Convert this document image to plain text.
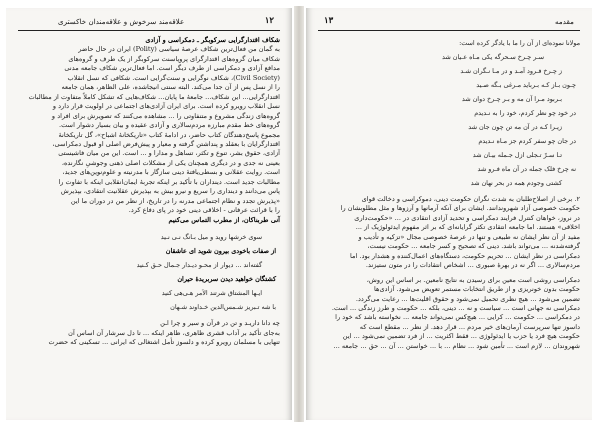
علاقه‌مند سرخوش و علاقه‌مندان خاکستری	۱۲

شکاف اقتدارگرایی سرکوبگر ـ دمکراسی و آزادی

به گمان من فعال‌ترین شکاف عرصهٔ سیاسی (Polity) ایران در حال حاضر

شکاف میان گروه‌های اقتدارگرای پروپاسنت سرکوبگر از یک طرف و گروه‌های

مدافع آزادی و دمکراسی از طرف دیگر است. اما فعال‌ترین شکاف جامعه مدنی

(Civil Society)، شکاف نوگرایی و سنت‌گرایی است. شکافی که نسل انقلاب

را از نسل پس از آن جدا می‌کند. البته سنتی انیجاشده، علی الظاهر، همان جامعه

اقتدارگرایی... این شکاف... جامعهٔ ما پایان... شکاف‌هایی که تشکل کاملاً متفاوت از مطالبات

نسل انقلاب رویرو کرده است. برای ایران آزادی‌های اجتماعی در اولویت قرار دارد و

گروه‌های زندگی مشروع و متنفاوتی را ... مشاهده می‌کنند که تصویرش برای افراد و

گروه‌های خط مقدم مبارزه مردم‌سالاری و آزادی عقیده و بیان بسیار دشوار است.

مجموع پاسخ‌دهندگان کتاب حاضر، در ادامهٔ کتاب «تاریکخانهٔ اشباح»، گل تاریکخانهٔ

اقتدارگرایان با بعقلد و پنداشتن گرفته و معیار و پیش‌فرض اصلی او قبول دمکراسی،

آزادی، حقوق بشر، تنوع و تکثر، تساهل و مدارا و ... است. این من میان فاشیستی

بعینی نه جدی و در دیگری همچنان یکی از مشکلات اصلی ذهنی وجوشیِ نگارنده،

است. روایت عقلانی و بسطی‌یافتهٔ دینی سازگار با مدرنیته و علوم‌نوین‌های جدید،

مطالبات جدید است. دینداران با تأکید بر اینکه تجربهٔ ایمان‌انقلابی اینکه با تفاوت را

پاس می‌دانند و دینداری را سریع و نیرو بیش به بپذیرش عقلانیت انتقادی، بپذیرش

«پذیرش تجدد و نظام اجتماعی مدرنه را در تاریخ، از نظر من در دوران ما این

را با قرائت عرفانی - اخلاقی دینی خود در پای دفاع کرد.

آنی طربناکان، از مطرب التماس می‌کنیم

سوی خرشها روید و میل بـانگ نـی نـید

از صفات باخودی بیرون شوید ای عاشقان

گفته‌اند ... دیوار از محـو دیـدار جـمال حـق کـنید

کشتگان خواهید دیدن سربریدهٔ حیران

ایـها المشتاق شرتند الاَمر هـی‌هی کنید

با شه تـبریز شـمس‌الدین خـداوند شـهان

چه دانا داریـد و تن در قرآن و سیر و چرا اـن

به‌جای تأکید بر آداب قشری ظاهری، ظاهر اینکه ... تا دل سرشار آن اساس آن

تنهایی با مسلمان رویرو کرده و دلسوز تأمل اشتغالی که ایرانی ... تسکینی که حضرت

مقدمه
۱۳

مولانا نموده‌ای از آن را ما با یادگر کرده است:

سـر چـرخ سـحرگه یکی مـاه عـیان شد

ز چـرخ فـرود آمـد و در مـا نـگران شـد

چـون بـاز کـه بـرباید مـرغی بـگه صـید

بـربود مـرا آن مه و بـر چـرخ دوان شد

در خود چو نظر کردم، خود را به نـدیدم

زیـرا کـه در آن مه تن چون جان شد

در جان چو سفر کردم جز مـاه نـدیدم

تـا سـرّ تـجلی ازل جـمله بیـان شد

نه چرخ فلک جمله در آن ماه فـرو شد

کشتی وجودم همه در بحر نهان شد

۲. برخی از اصلاح‌طلبان به شدت نگران حکومت دینی، دموکراسی و دخالت قوای

حکومت خصوصی آزاد شهروندانند. ایشان برای آنکه آرمانها و آرزوها و مثل مطلوبشان را

در نروز، خواهان کنترل فرایند دمکراسی و تحدید آزادی انتقادی در ... «حکومت‌داری

اخلاقی» هستند. اما جامعه انتقادی تکثر گرایانه‌ای که بر اثر مفهوم ایدئولوژیک از ...

مفید از آن نظر ایشان نه طبیعی و تنها در عرصهٔ خصوصی مجال «تزکیه و تأدیب و

گرفته‌شدنه ... می‌تواند باشد. دینی که تصحیح و کسر جامعه ... حکومت نیست،

دمکراسی در نظر ایشان ... تحریم حکومت، دستگاه‌های اعمال‌کننده و هشدار بود. اما

مردم‌سالاری ... اگر نه در بهرهٔ صبوری ... اشخاص انتقادات را در متون ستیزند.

دمکراسی روشی است معین برای رسیدن به نتایج نامعین. بر اساس این روش،

حکومت بدون خونریزی و از طریق انتخابات مستمر تعویض می‌شود. آزادی‌ها

تضمین می‌شود ... هیچ نظری تحمیل نمی‌شود و حقوق اقلیت‌ها ... رعایت می‌گردد.

دمکراسی نه جهانی است ... سیاست و نه ... دینی، بلکه ... حکومت و طرز زندگی ... است.

در دمکراسی ... حکومت ... کرایی ... هیچ‌کس نمی‌تواند جامعه ... نخواسته باشد که خود را

داسوز تنها سرپرست آرمان‌های خیر مردم ... قرار دهد. از نظر ... مقطع است که

حکومت هیچ فرد یا حزب یا ایدئولوژی ... فقط اکثریت ... از فرد تضمین نمی‌شود ... این

شهروندان ... لازم است ... تأمین شود ... نظام ... با ... خواستن ... آن ... حق ... جامعه ...
